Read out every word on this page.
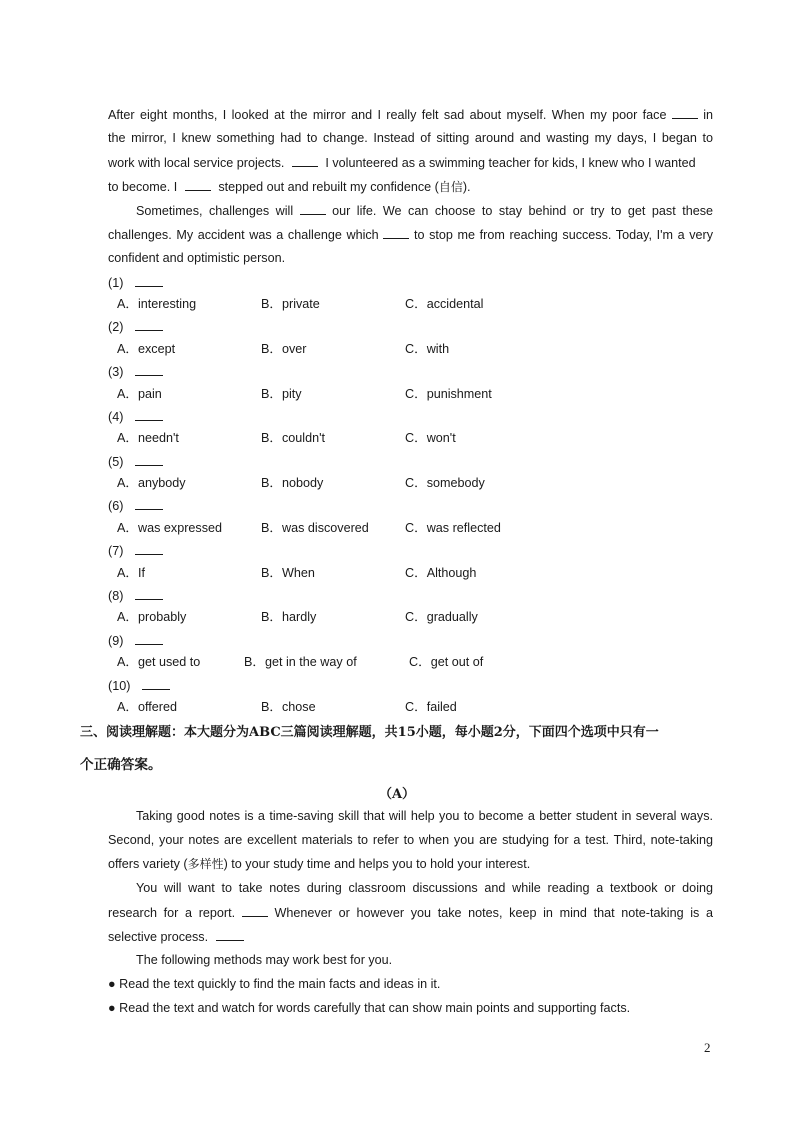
After eight months, I looked at the mirror and I really felt sad about myself. When my poor face	in
the mirror, I knew something had to change. Instead of sitting around and wasting my days, I began to
work with local service projects.	I volunteered as a swimming teacher for kids, I knew who I wanted
to become. I	stepped out and rebuilt my confidence (自信).
Sometimes, challenges will	our life. We can choose to stay behind or try to get past these
challenges. My accident was a challenge which	to stop me from reaching success. Today, I'm a very
confident and optimistic person.
(1)
A．interesting	B．private	C．accidental
(2)
A．except	B．over	C．with
(3)
A．pain	B．pity	C．punishment
(4)
A．needn't	B．couldn't	C．won't
(5)
A．anybody	B．nobody	C．somebody
(6)
A．was expressed	B．was discovered	C．was reflected
(7)
A．If	B．When	C．Although
(8)
A．probably	B．hardly	C．gradually
(9)
A．get used to	B．get in the way of	C．get out of
(10)
A．offered	B．chose	C．failed
三、阅读理解题：本大题分为ABC三篇阅读理解题，共15小题，每小题2分，下面四个选项中只有一
个正确答案。
（A）
Taking good notes is a time-saving skill that will help you to become a better student in several ways.
Second, your notes are excellent materials to refer to when you are studying for a test. Third, note-taking
offers variety (多样性) to your study time and helps you to hold your interest.
You will want to take notes during classroom discussions and while reading a textbook or doing
research for a report.	Whenever or however you take notes, keep in mind that note-taking is a
selective process.
The following methods may work best for you.
● Read the text quickly to find the main facts and ideas in it.
● Read the text and watch for words carefully that can show main points and supporting facts.
2
